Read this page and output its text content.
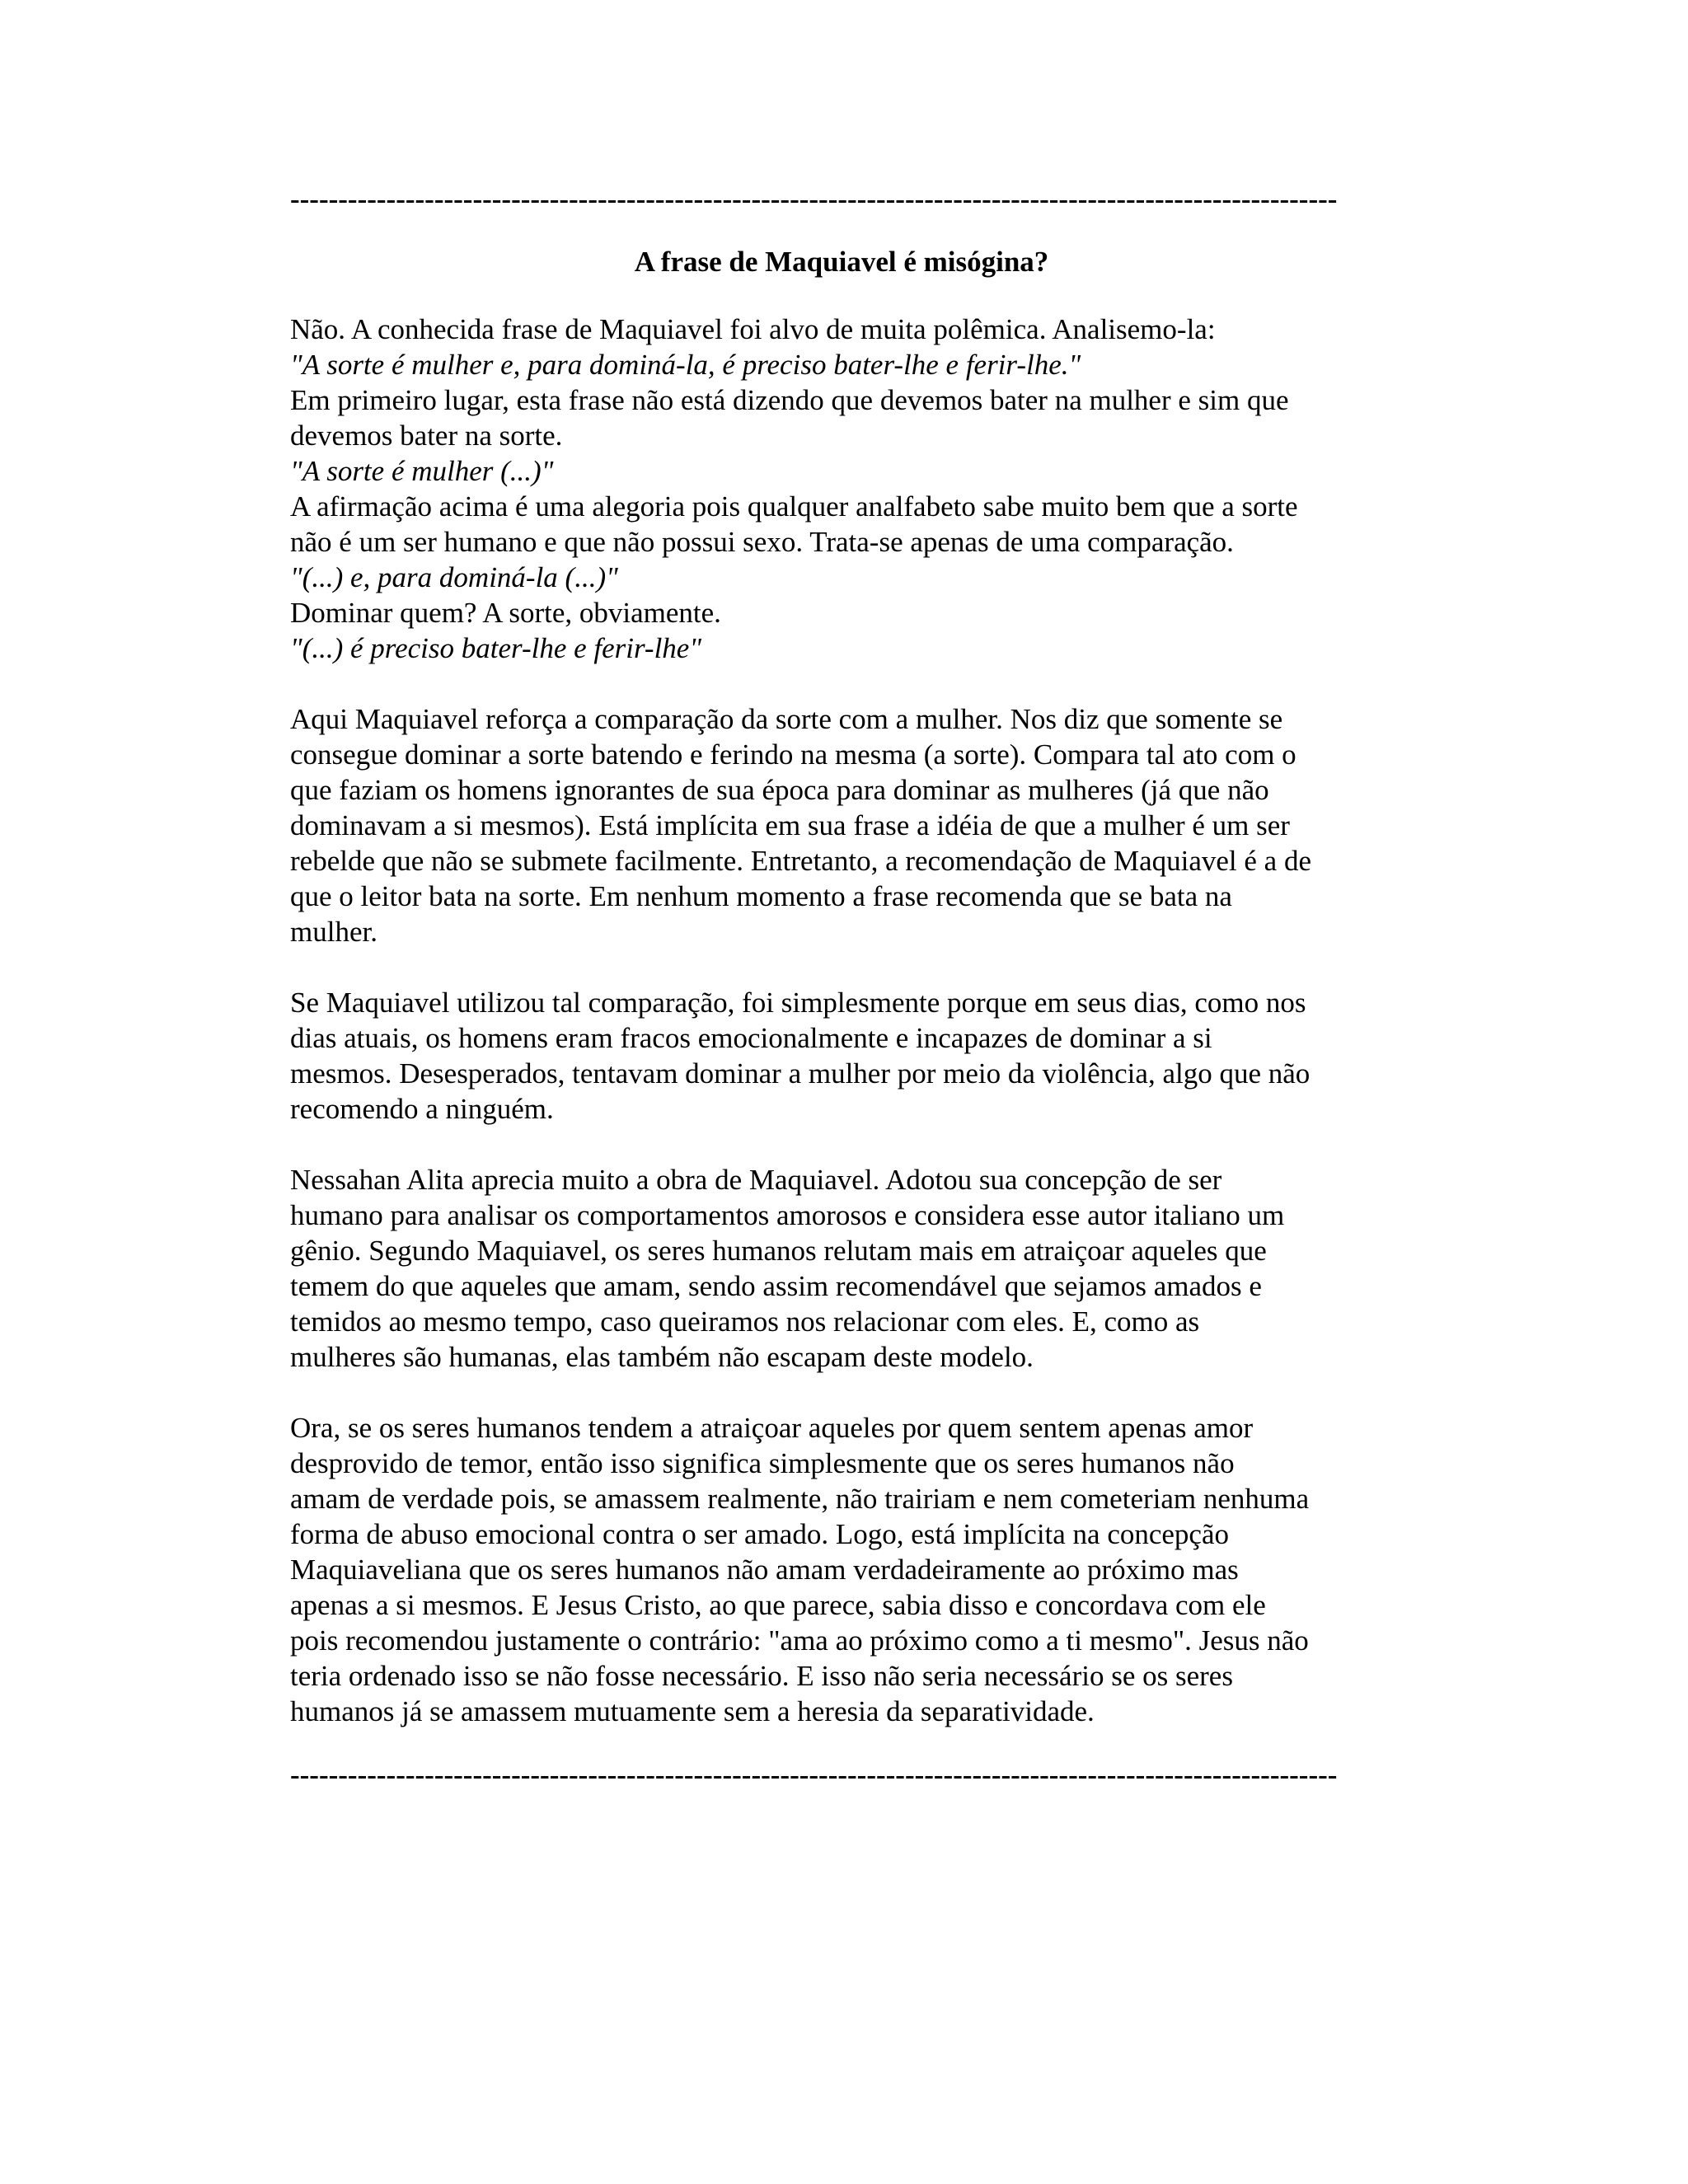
-------------------------------------------------------------------------------------------------------------
A frase de Maquiavel é misógina?
Não. A conhecida frase de Maquiavel foi alvo de muita polêmica. Analisemo-la:
"A sorte é mulher e, para dominá-la, é preciso bater-lhe e ferir-lhe."
Em primeiro lugar, esta frase não está dizendo que devemos bater na mulher e sim que
devemos bater na sorte.
"A sorte é mulher (...)"
A afirmação acima é uma alegoria pois qualquer analfabeto sabe muito bem que a sorte
não é um ser humano e que não possui sexo. Trata-se apenas de uma comparação.
"(...) e, para dominá-la (...)"
Dominar quem? A sorte, obviamente.
"(...) é preciso bater-lhe e ferir-lhe"
Aqui Maquiavel reforça a comparação da sorte com a mulher. Nos diz que somente se
consegue dominar a sorte batendo e ferindo na mesma (a sorte). Compara tal ato com o
que faziam os homens ignorantes de sua época para dominar as mulheres (já que não
dominavam a si mesmos). Está implícita em sua frase a idéia de que a mulher é um ser
rebelde que não se submete facilmente. Entretanto, a recomendação de Maquiavel é a de
que o leitor bata na sorte. Em nenhum momento a frase recomenda que se bata na
mulher.
Se Maquiavel utilizou tal comparação, foi simplesmente porque em seus dias, como nos
dias atuais, os homens eram fracos emocionalmente e incapazes de dominar a si
mesmos. Desesperados, tentavam dominar a mulher por meio da violência, algo que não
recomendo a ninguém.
Nessahan Alita aprecia muito a obra de Maquiavel. Adotou sua concepção de ser
humano para analisar os comportamentos amorosos e considera esse autor italiano um
gênio. Segundo Maquiavel, os seres humanos relutam mais em atraiçoar aqueles que
temem do que aqueles que amam, sendo assim recomendável que sejamos amados e
temidos ao mesmo tempo, caso queiramos nos relacionar com eles. E, como as
mulheres são humanas, elas também não escapam deste modelo.
Ora, se os seres humanos tendem a atraiçoar aqueles por quem sentem apenas amor
desprovido de temor, então isso significa simplesmente que os seres humanos não
amam de verdade pois, se amassem realmente, não trairiam e nem cometeriam nenhuma
forma de abuso emocional contra o ser amado. Logo, está implícita na concepção
Maquiaveliana que os seres humanos não amam verdadeiramente ao próximo mas
apenas a si mesmos. E Jesus Cristo, ao que parece, sabia disso e concordava com ele
pois recomendou justamente o contrário: "ama ao próximo como a ti mesmo". Jesus não
teria ordenado isso se não fosse necessário. E isso não seria necessário se os seres
humanos já se amassem mutuamente sem a heresia da separatividade.
-------------------------------------------------------------------------------------------------------------
